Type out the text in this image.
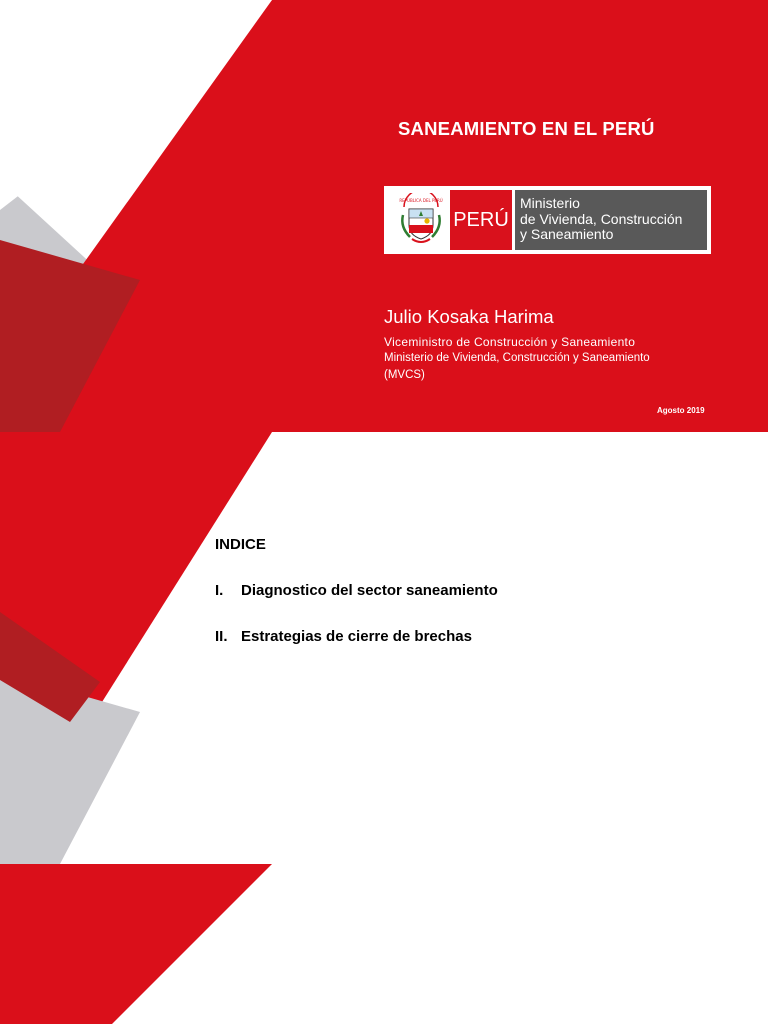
SANEAMIENTO EN EL PERÚ
REPÚBLICA DEL PERÚ
PERÚ
Ministerio
de Vivienda, Construcción
y Saneamiento
Julio Kosaka Harima
Viceministro de Construcción y Saneamiento
Ministerio de Vivienda, Construcción y Saneamiento
(MVCS)
Agosto 2019
INDICE
I. Diagnostico del sector saneamiento
II. Estrategias de cierre de brechas
